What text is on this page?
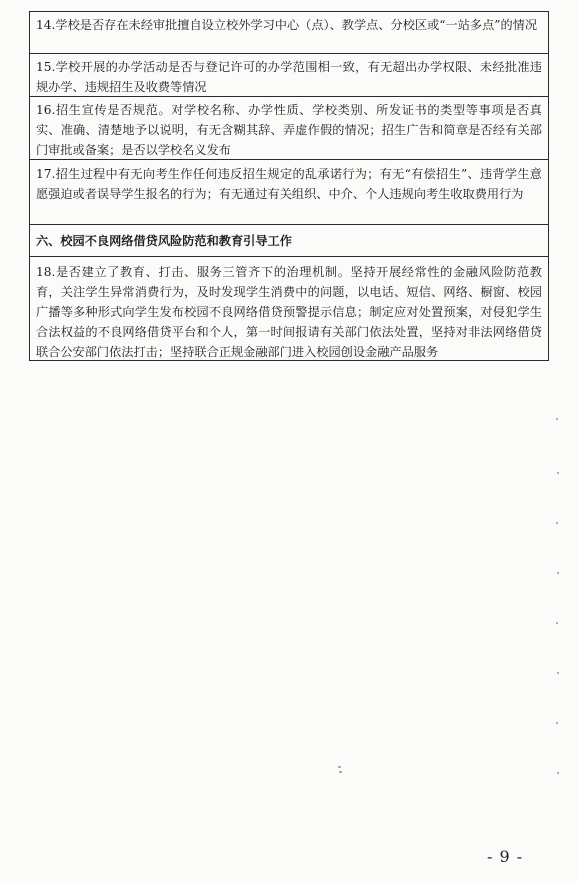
14.学校是否存在未经审批擅自设立校外学习中心（点）、教学点、分校区或“一站多点”的情况

15.学校开展的办学活动是否与登记许可的办学范围相一致，有无超出办学权限、未经批准违规办学、违规招生及收费等情况

16.招生宣传是否规范。对学校名称、办学性质、学校类别、所发证书的类型等事项是否真实、准确、清楚地予以说明，有无含糊其辞、弄虚作假的情况；招生广告和简章是否经有关部门审批或备案；是否以学校名义发布

17.招生过程中有无向考生作任何违反招生规定的乱承诺行为；有无“有偿招生”、违背学生意愿强迫或者误导学生报名的行为；有无通过有关组织、中介、个人违规向考生收取费用行为

六、校园不良网络借贷风险防范和教育引导工作

18.是否建立了教育、打击、服务三管齐下的治理机制。坚持开展经常性的金融风险防范教育，关注学生异常消费行为，及时发现学生消费中的问题，以电话、短信、网络、橱窗、校园广播等多种形式向学生发布校园不良网络借贷预警提示信息；制定应对处置预案，对侵犯学生合法权益的不良网络借贷平台和个人，第一时间报请有关部门依法处置，坚持对非法网络借贷联合公安部门依法打击；坚持联合正规金融部门进入校园创设金融产品服务

- 9 -
